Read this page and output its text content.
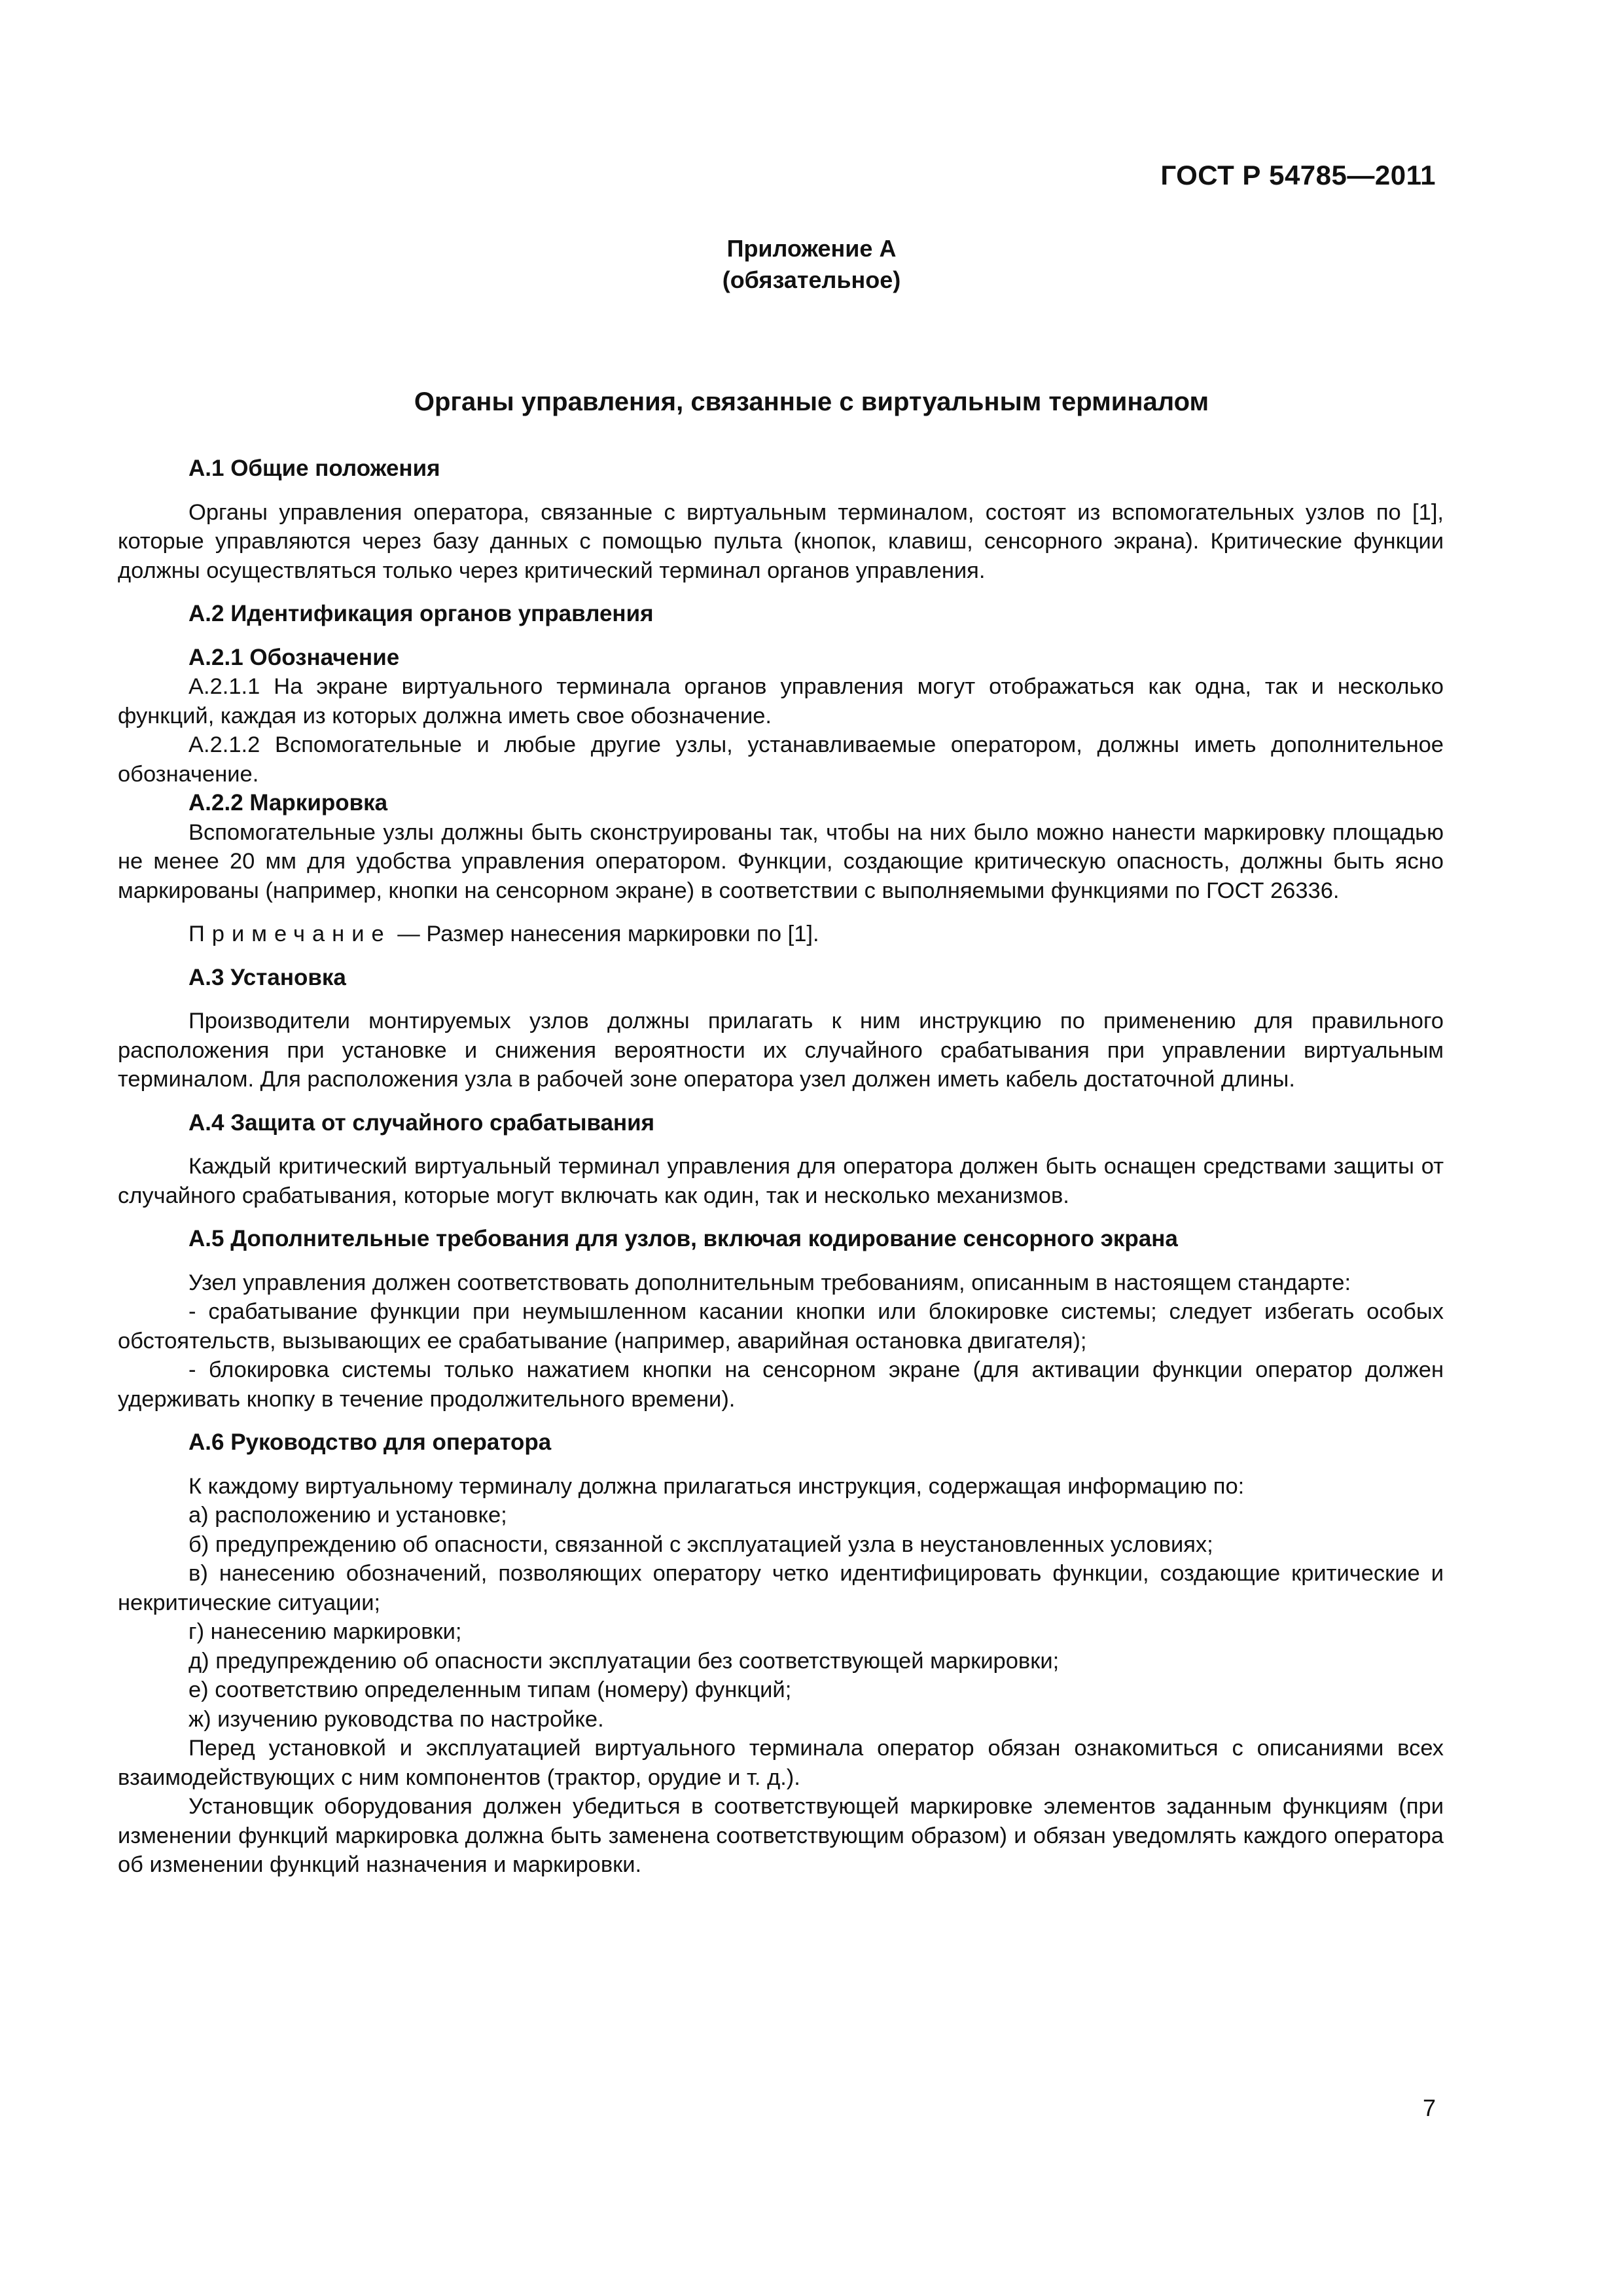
ГОСТ Р 54785—2011
Приложение А
(обязательное)
Органы управления, связанные с виртуальным терминалом
А.1 Общие положения

Органы управления оператора, связанные с виртуальным терминалом, состоят из вспомогательных узлов по [1], которые управляются через базу данных с помощью пульта (кнопок, клавиш, сенсорного экрана). Критические функции должны осуществляться только через критический терминал органов управления.

А.2 Идентификация органов управления
А.2.1 Обозначение

А.2.1.1 На экране виртуального терминала органов управления могут отображаться как одна, так и несколько функций, каждая из которых должна иметь свое обозначение.

А.2.1.2 Вспомогательные и любые другие узлы, устанавливаемые оператором, должны иметь дополнительное обозначение.

А.2.2 Маркировка

Вспомогательные узлы должны быть сконструированы так, чтобы на них было можно нанести маркировку площадью не менее 20 мм для удобства управления оператором. Функции, создающие критическую опасность, должны быть ясно маркированы (например, кнопки на сенсорном экране) в соответствии с выполняемыми функциями по ГОСТ 26336.

Примечание — Размер нанесения маркировки по [1].

А.3 Установка

Производители монтируемых узлов должны прилагать к ним инструкцию по применению для правильного расположения при установке и снижения вероятности их случайного срабатывания при управлении виртуальным терминалом. Для расположения узла в рабочей зоне оператора узел должен иметь кабель достаточной длины.

А.4 Защита от случайного срабатывания

Каждый критический виртуальный терминал управления для оператора должен быть оснащен средствами защиты от случайного срабатывания, которые могут включать как один, так и несколько механизмов.

А.5 Дополнительные требования для узлов, включая кодирование сенсорного экрана

Узел управления должен соответствовать дополнительным требованиям, описанным в настоящем стандарте:

- срабатывание функции при неумышленном касании кнопки или блокировке системы; следует избегать особых обстоятельств, вызывающих ее срабатывание (например, аварийная остановка двигателя);

- блокировка системы только нажатием кнопки на сенсорном экране (для активации функции оператор должен удерживать кнопку в течение продолжительного времени).

А.6 Руководство для оператора

К каждому виртуальному терминалу должна прилагаться инструкция, содержащая информацию по:

а) расположению и установке;

б) предупреждению об опасности, связанной с эксплуатацией узла в неустановленных условиях;

в) нанесению обозначений, позволяющих оператору четко идентифицировать функции, создающие критические и некритические ситуации;

г) нанесению маркировки;

д) предупреждению об опасности эксплуатации без соответствующей маркировки;

е) соответствию определенным типам (номеру) функций;

ж) изучению руководства по настройке.

Перед установкой и эксплуатацией виртуального терминала оператор обязан ознакомиться с описаниями всех взаимодействующих с ним компонентов (трактор, орудие и т. д.).

Установщик оборудования должен убедиться в соответствующей маркировке элементов заданным функциям (при изменении функций маркировка должна быть заменена соответствующим образом) и обязан уведомлять каждого оператора об изменении функций назначения и маркировки.

7
